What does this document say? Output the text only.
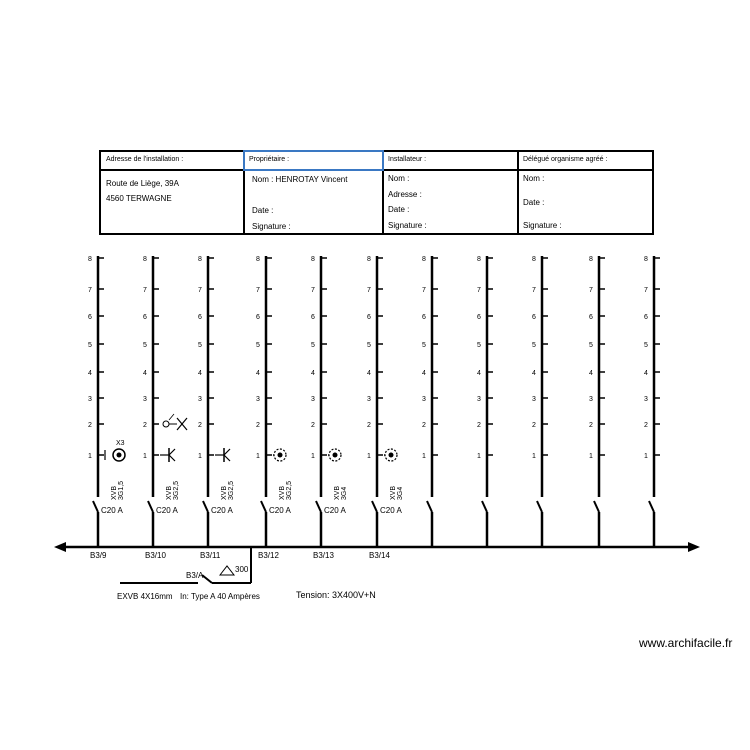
Adresse de l'installation :
Route de Liège, 39A
4560 TERWAGNE
Propriétaire :
Nom : HENROTAY Vincent
Date :
Signature :
Installateur :
Nom :
Adresse :
Date :
Signature :
Délégué organisme agréé :
Nom :
Date :
Signature :
1
2
3
4
5
6
7
8
C20 A
B3/9
XVB 3G1,5
X3
1
2
3
4
5
6
7
8
C20 A
B3/10
XVB 3G2,5
1
2
3
4
5
6
7
8
C20 A
B3/11
XVB 3G2,5
1
2
3
4
5
6
7
8
C20 A
B3/12
XVB 3G2,5
1
2
3
4
5
6
7
8
C20 A
B3/13
XVB 3G4
1
2
3
4
5
6
7
8
C20 A
B3/14
XVB 3G4
1
2
3
4
5
6
7
8
1
2
3
4
5
6
7
8
1
2
3
4
5
6
7
8
1
2
3
4
5
6
7
8
1
2
3
4
5
6
7
8
B3/A
300
EXVB 4X16mm In: Type A 40 Ampères	Tension: 3X400V+N
www.archifacile.fr
